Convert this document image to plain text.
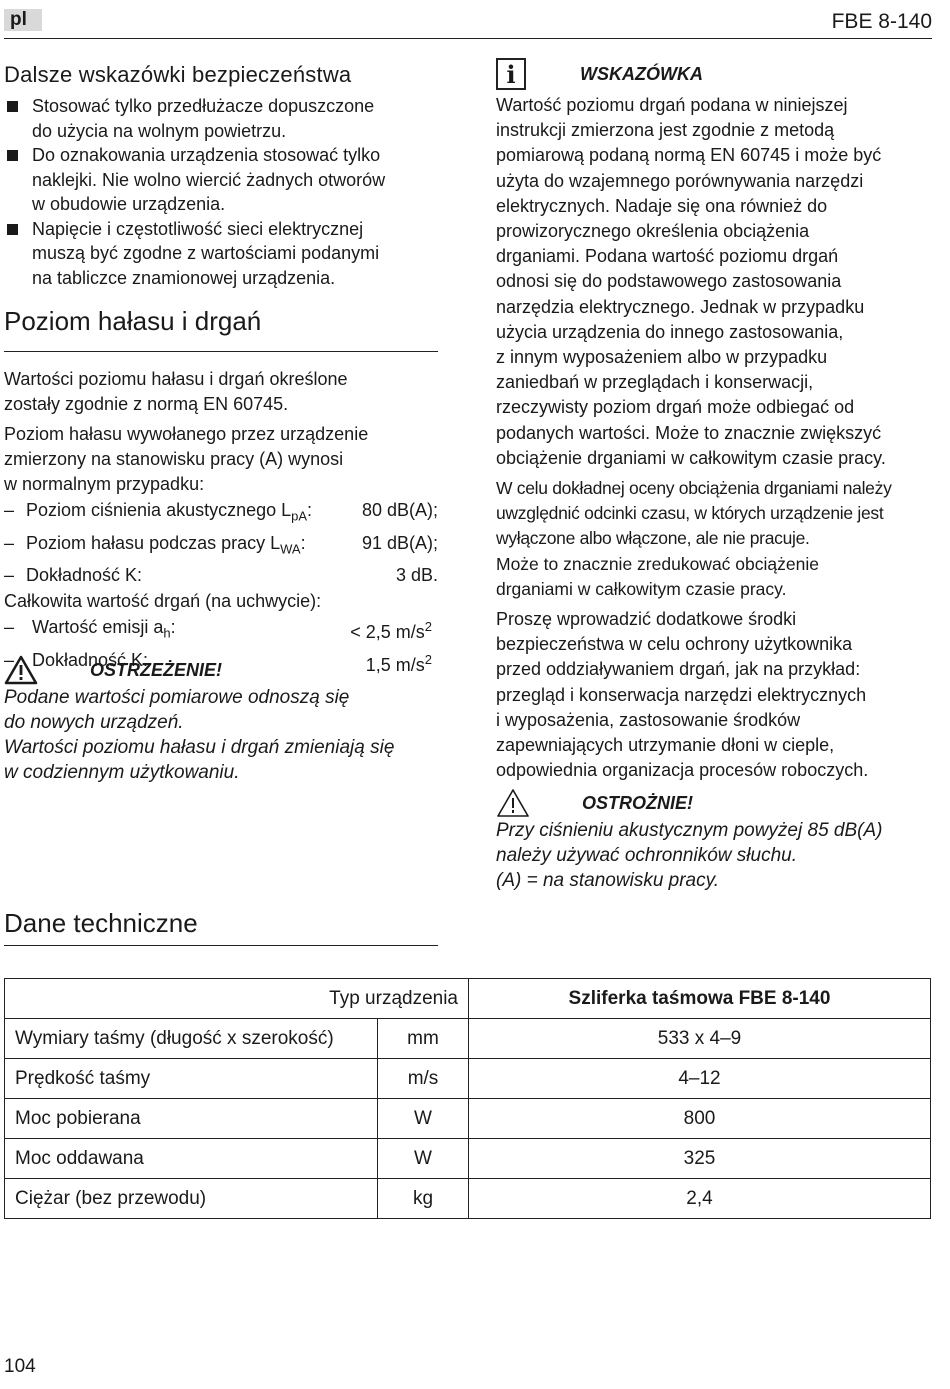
pl	FBE 8-140
Dalsze wskazówki bezpieczeństwa
Stosować tylko przedłużacze dopuszczone
do użycia na wolnym powietrzu.
Do oznakowania urządzenia stosować tylko
naklejki. Nie wolno wiercić żadnych otworów
w obudowie urządzenia.
Napięcie i częstotliwość sieci elektrycznej
muszą być zgodne z wartościami podanymi
na tabliczce znamionowej urządzenia.
Poziom hałasu i drgań
Wartości poziomu hałasu i drgań określone
zostały zgodnie z normą EN 60745.
Poziom hałasu wywołanego przez urządzenie
zmierzony na stanowisku pracy (A) wynosi
w normalnym przypadku:
– Poziom ciśnienia akustycznego $L_{pA}$:	80 dB(A);
– Poziom hałasu podczas pracy $L_{WA}$:	91 dB(A);
– Dokładność K:	3 dB.
Całkowita wartość drgań (na uchwycie):
– Wartość emisji $a_h$:	< 2,5 $m/s^2$
– Dokładność K:	1,5 $m/s^2$
OSTRZEŻENIE!
Podane wartości pomiarowe odnoszą się
do nowych urządzeń.
Wartości poziomu hałasu i drgań zmieniają się
w codziennym użytkowaniu.
Dane techniczne
i	WSKAZÓWKA
Wartość poziomu drgań podana w niniejszej
instrukcji zmierzona jest zgodnie z metodą
pomiarową podaną normą EN 60745 i może być
użyta do wzajemnego porównywania narzędzi
elektrycznych. Nadaje się ona również do
prowizorycznego określenia obciążenia
drganiami. Podana wartość poziomu drgań
odnosi się do podstawowego zastosowania
narzędzia elektrycznego. Jednak w przypadku
użycia urządzenia do innego zastosowania,
z innym wyposażeniem albo w przypadku
zaniedbań w przeglądach i konserwacji,
rzeczywisty poziom drgań może odbiegać od
podanych wartości. Może to znacznie zwiększyć
obciążenie drganiami w całkowitym czasie pracy.
W celu dokładnej oceny obciążenia drganiami należy
uwzględnić odcinki czasu, w których urządzenie jest
wyłączone albo włączone, ale nie pracuje.
Może to znacznie zredukować obciążenie
drganiami w całkowitym czasie pracy.
Proszę wprowadzić dodatkowe środki
bezpieczeństwa w celu ochrony użytkownika
przed oddziaływaniem drgań, jak na przykład:
przegląd i konserwacja narzędzi elektrycznych
i wyposażenia, zastosowanie środków
zapewniających utrzymanie dłoni w cieple,
odpowiednia organizacja procesów roboczych.
OSTROŻNIE!
Przy ciśnieniu akustycznym powyżej 85 dB(A)
należy używać ochronników słuchu.
(A) = na stanowisku pracy.
Typ urządzenia		Szliferka taśmowa FBE 8-140
Wymiary taśmy (długość x szerokość)	mm	533 x 4–9
Prędkość taśmy	m/s	4–12
Moc pobierana	W	800
Moc oddawana	W	325
Ciężar (bez przewodu)	kg	2,4
104
